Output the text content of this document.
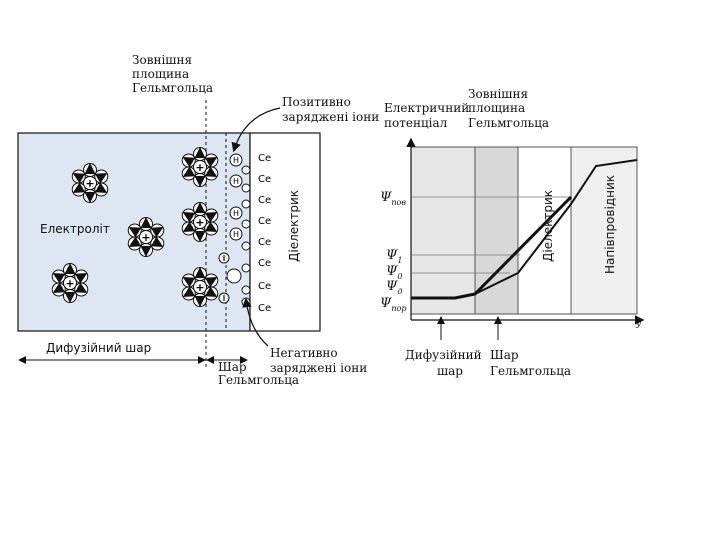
Зовнішня площина Гельмгольца
Позитивно заряджені іони
Електроліт	Діелектрик
Ce
Ce
Ce
Ce
Ce
Ce
Ce
Ce
+
+
+
+
+
+
H
H
H
H
Негативно заряджені іони
Дифузійний шар
Шар Гельмгольца
y
Електричний потенціал
Зовнішня площина Гельмгольца
Діелектрик	Напівпровідник
$\Psi_{пов}$
$\Psi_1$
$\Psi_0$
$\Psi_д$
$\Psi_{пор}$
Дифузійний шар
Шар Гельмгольца
